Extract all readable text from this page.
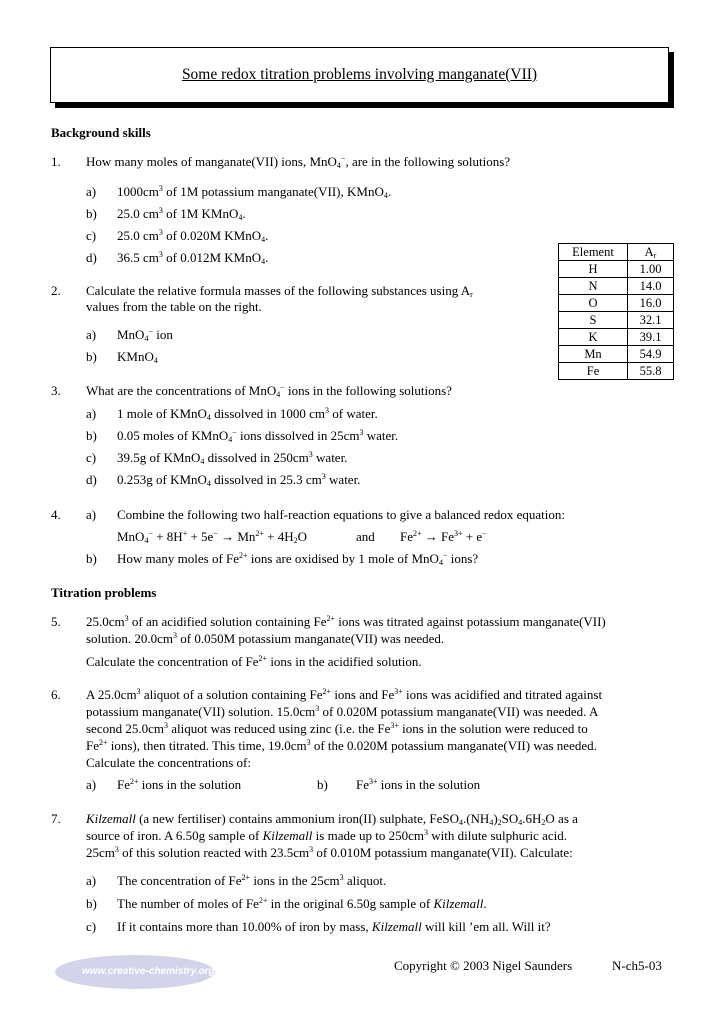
Some redox titration problems involving manganate(VII)
Background skills
1. How many moles of manganate(VII) ions, MnO$_4$−, are in the following solutions?
a) $1000cm^3$ of 1M potassium manganate(VII), KMnO$_4$.
b) 25.0 $cm^3$ of 1M KMnO$_4$.
c) 25.0 $cm^3$ of 0.020M KMnO$_4$.
d) 36.5 $cm^3$ of 0.012M KMnO$_4$.	Element	$A_r$
H	1.00
N	14.0
O	16.0
S	32.1
K	39.1
Mn	54.9
Fe	55.8
2. Calculate the relative formula masses of the following substances using $A_r$
values from the table on the right.
a) MnO$_4$− ion
b) KMnO$_4$
3. What are the concentrations of MnO$_4$− ions in the following solutions?
a) 1 mole of KMnO$_4$ dissolved in 1000 $cm^3$ of water.
b) 0.05 moles of KMnO$_4$− ions dissolved in $25cm^3$ water.
c) 39.5g of KMnO$_4$ dissolved in $250cm^3$ water.
d) 0.253g of KMnO$_4$ dissolved in 25.3 $cm^3$ water.
4. a) Combine the following two half-reaction equations to give a balanced redox equation:
$MnO_4^- + 8H^+ + 5e^- \to Mn^{2+} + 4H_2O$	and $Fe^{2+} \to Fe^{3+} + e^-$
b) How many moles of $Fe^{2+}$ ions are oxidised by 1 mole of MnO$_4$− ions?
Titration problems
5. $25.0cm^3$ of an acidified solution containing $Fe^{2+}$ ions was titrated against potassium manganate(VII)
solution. $20.0cm^3$ of 0.050M potassium manganate(VII) was needed.
Calculate the concentration of $Fe^{2+}$ ions in the acidified solution.
6. A $25.0cm^3$ aliquot of a solution containing $Fe^{2+}$ ions and $Fe^{3+}$ ions was acidified and titrated against
potassium manganate(VII) solution. $15.0cm^3$ of 0.020M potassium manganate(VII) was needed. A
second $25.0cm^3$ aliquot was reduced using zinc (i.e. the $Fe^{3+}$ ions in the solution were reduced to
$Fe^{2+}$ ions), then titrated. This time, $19.0cm^3$ of the 0.020M potassium manganate(VII) was needed.
Calculate the concentrations of:
a) $Fe^{2+}$ ions in the solution	b) $Fe^{3+}$ ions in the solution
7. Kilzemall (a new fertiliser) contains ammonium iron(II) sulphate, $FeSO_4.(NH_4)_2SO_4.6H_2O$ as a
source of iron. A 6.50g sample of Kilzemall is made up to $250cm^3$ with dilute sulphuric acid.
$25cm^3$ of this solution reacted with $23.5cm^3$ of 0.010M potassium manganate(VII). Calculate:
a) The concentration of $Fe^{2+}$ ions in the $25cm^3$ aliquot.
b) The number of moles of $Fe^{2+}$ in the original 6.50g sample of Kilzemall.
c) If it contains more than 10.00% of iron by mass, Kilzemall will kill ’em all. Will it?
www.creative-chemistry.org.uk	Copyright © 2003 Nigel Saunders	N-ch5-03
